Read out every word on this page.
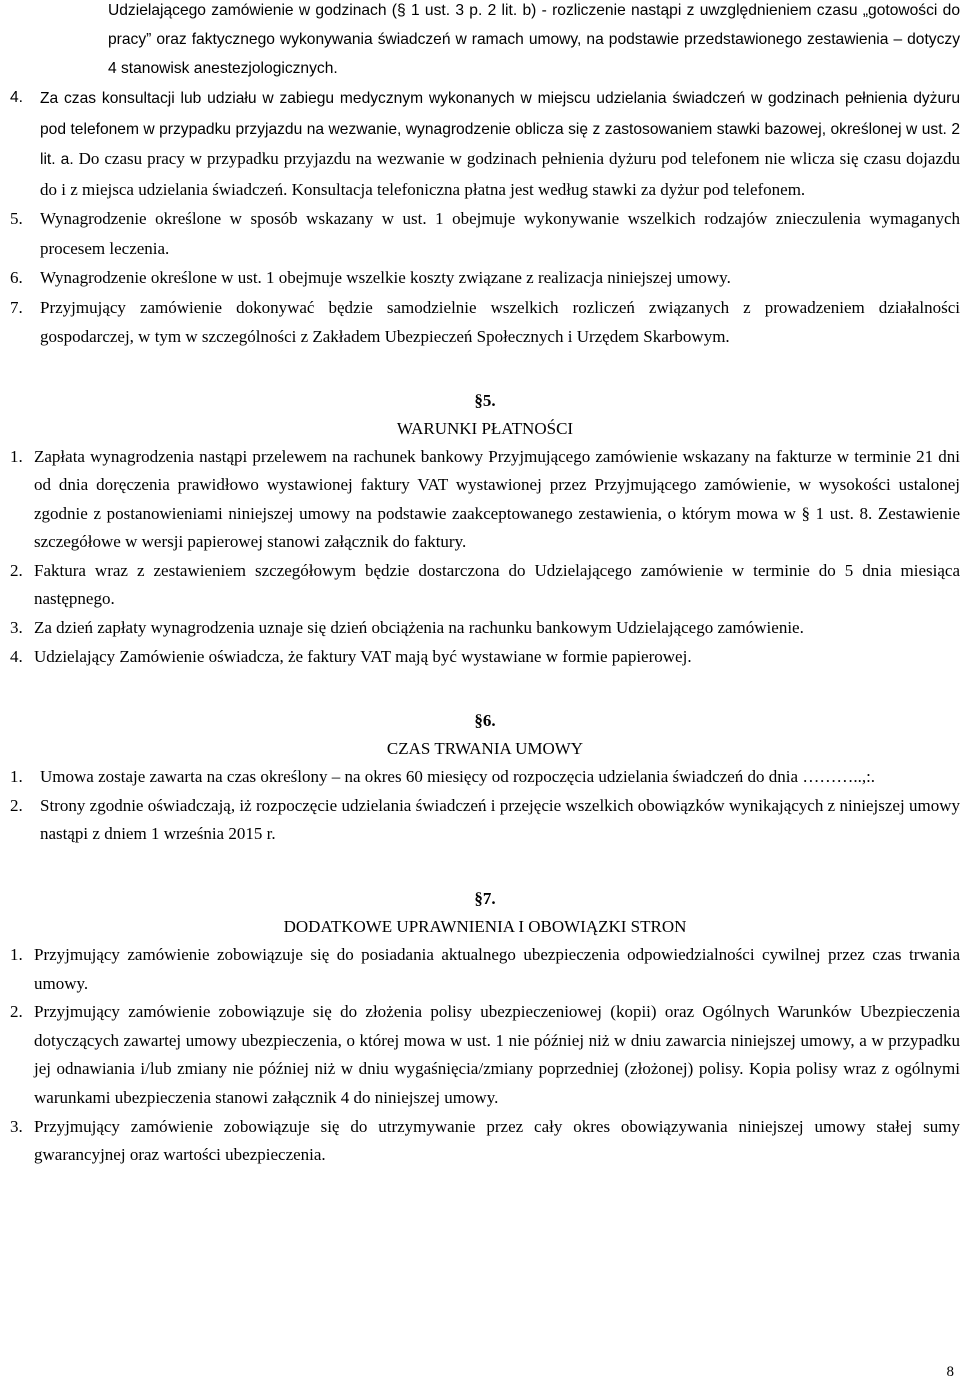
Udzielającego zamówienie w godzinach (§ 1 ust. 3 p. 2 lit. b) - rozliczenie nastąpi z uwzględnieniem czasu „gotowości do pracy” oraz faktycznego wykonywania świadczeń w ramach umowy, na podstawie przedstawionego zestawienia – dotyczy 4 stanowisk anestezjologicznych.
4.	Za czas konsultacji lub udziału w zabiegu medycznym wykonanych w miejscu udzielania świadczeń w godzinach pełnienia dyżuru pod telefonem w przypadku przyjazdu na wezwanie, wynagrodzenie oblicza się z zastosowaniem stawki bazowej, określonej w ust. 2 lit. a. Do czasu pracy w przypadku przyjazdu na wezwanie w godzinach pełnienia dyżuru pod telefonem nie wlicza się czasu dojazdu do i z miejsca udzielania świadczeń. Konsultacja telefoniczna płatna jest według stawki za dyżur pod telefonem.
5.	Wynagrodzenie określone w sposób wskazany w ust. 1 obejmuje wykonywanie wszelkich rodzajów znieczulenia wymaganych procesem leczenia.
6.	Wynagrodzenie określone w ust. 1 obejmuje wszelkie koszty związane z realizacja niniejszej umowy.
7.	Przyjmujący zamówienie dokonywać będzie samodzielnie wszelkich rozliczeń związanych z prowadzeniem działalności gospodarczej, w tym w szczególności z Zakładem Ubezpieczeń Społecznych i Urzędem Skarbowym.
§5.
WARUNKI PŁATNOŚCI
1. Zapłata wynagrodzenia nastąpi przelewem na rachunek bankowy Przyjmującego zamówienie wskazany na fakturze w terminie 21 dni od dnia doręczenia prawidłowo wystawionej faktury VAT wystawionej przez Przyjmującego zamówienie, w wysokości ustalonej zgodnie z postanowieniami niniejszej umowy na podstawie zaakceptowanego zestawienia, o którym mowa w § 1 ust. 8. Zestawienie szczegółowe w wersji papierowej stanowi załącznik do faktury.
2. Faktura wraz z zestawieniem szczegółowym będzie dostarczona do Udzielającego zamówienie w terminie do 5 dnia miesiąca następnego.
3. Za dzień zapłaty wynagrodzenia uznaje się dzień obciążenia na rachunku bankowym Udzielającego zamówienie.
4. Udzielający Zamówienie oświadcza, że faktury VAT mają być wystawiane w formie papierowej.
§6.
CZAS TRWANIA UMOWY
1.	Umowa zostaje zawarta na czas określony – na okres 60 miesięcy od rozpoczęcia udzielania świadczeń do dnia ………..,:.
2.	Strony zgodnie oświadczają, iż rozpoczęcie udzielania świadczeń i przejęcie wszelkich obowiązków wynikających z niniejszej umowy nastąpi z dniem 1 września 2015 r.
§7.
DODATKOWE UPRAWNIENIA I OBOWIĄZKI STRON
1. Przyjmujący zamówienie zobowiązuje się do posiadania aktualnego ubezpieczenia odpowiedzialności cywilnej przez czas trwania umowy.
2. Przyjmujący zamówienie zobowiązuje się do złożenia polisy ubezpieczeniowej (kopii) oraz Ogólnych Warunków Ubezpieczenia dotyczących zawartej umowy ubezpieczenia, o której mowa w ust. 1 nie później niż w dniu zawarcia niniejszej umowy, a w przypadku jej odnawiania i/lub zmiany nie później niż w dniu wygaśnięcia/zmiany poprzedniej (złożonej) polisy. Kopia polisy wraz z ogólnymi warunkami ubezpieczenia stanowi załącznik 4 do niniejszej umowy.
3. Przyjmujący zamówienie zobowiązuje się do utrzymywanie przez cały okres obowiązywania niniejszej umowy stałej sumy gwarancyjnej oraz wartości ubezpieczenia.
8
